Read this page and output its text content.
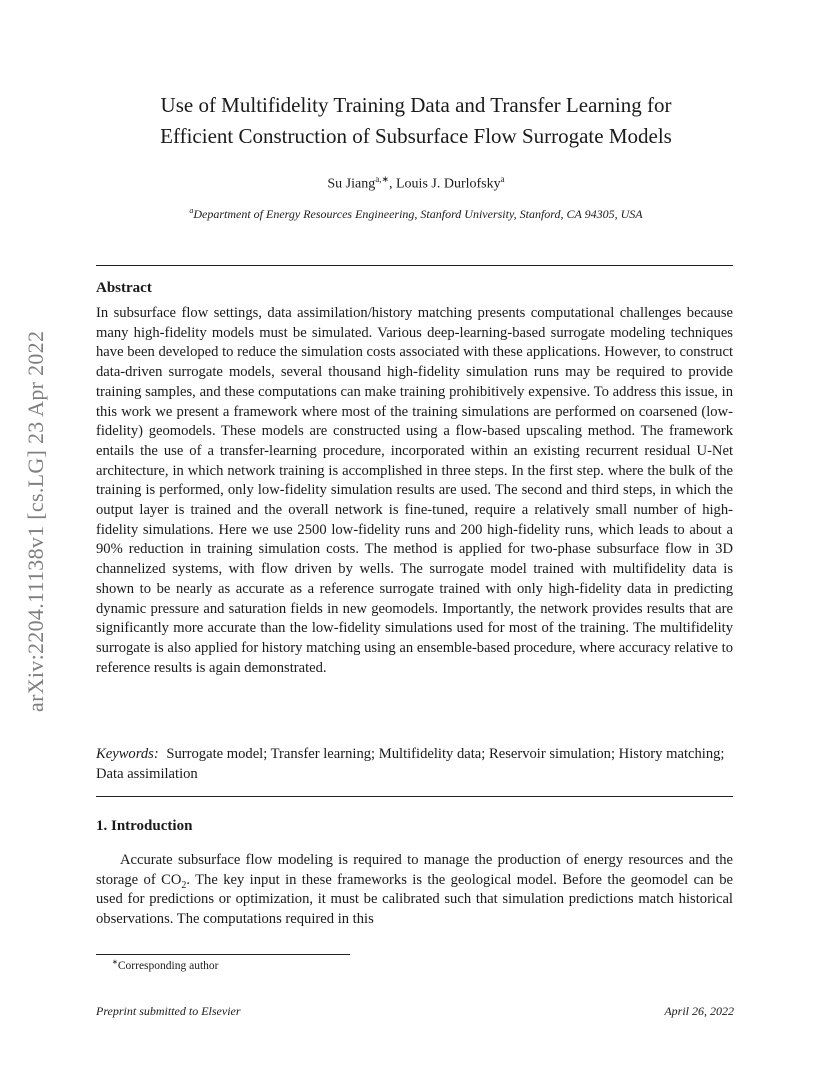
arXiv:2204.11138v1 [cs.LG] 23 Apr 2022
Use of Multifidelity Training Data and Transfer Learning for
Efficient Construction of Subsurface Flow Surrogate Models
Su Jiang$^{a,∗}$, Louis J. Durlofsky$^a$
$^a$Department of Energy Resources Engineering, Stanford University, Stanford, CA 94305, USA
Abstract

In subsurface flow settings, data assimilation/history matching presents computational challenges because many high-fidelity models must be simulated. Various deep-learning-based surrogate modeling techniques have been developed to reduce the simulation costs associated with these applications. However, to construct data-driven surrogate models, several thousand high-fidelity simulation runs may be required to provide training samples, and these computations can make training prohibitively expensive. To address this issue, in this work we present a framework where most of the training simulations are performed on coarsened (low-fidelity) geomodels. These models are constructed using a flow-based upscaling method. The framework entails the use of a transfer-learning procedure, incorporated within an existing recurrent residual U-Net architecture, in which network training is accomplished in three steps. In the first step. where the bulk of the training is performed, only low-fidelity simulation results are used. The second and third steps, in which the output layer is trained and the overall network is fine-tuned, require a relatively small number of high-fidelity simulations. Here we use 2500 low-fidelity runs and 200 high-fidelity runs, which leads to about a 90% reduction in training simulation costs. The method is applied for two-phase subsurface flow in 3D channelized systems, with flow driven by wells. The surrogate model trained with multifidelity data is shown to be nearly as accurate as a reference surrogate trained with only high-fidelity data in predicting dynamic pressure and saturation fields in new geomodels. Importantly, the network provides results that are significantly more accurate than the low-fidelity simulations used for most of the training. The multifidelity surrogate is also applied for history matching using an ensemble-based procedure, where accuracy relative to reference results is again demonstrated.

Keywords: Surrogate model; Transfer learning; Multifidelity data; Reservoir simulation; History matching; Data assimilation

1. Introduction

Accurate subsurface flow modeling is required to manage the production of energy resources and the storage of $CO_2$. The key input in these frameworks is the geological model. Before the geomodel can be used for predictions or optimization, it must be calibrated such that simulation predictions match historical observations. The computations required in this

∗Corresponding author
Preprint submitted to Elsevier	April 26, 2022
